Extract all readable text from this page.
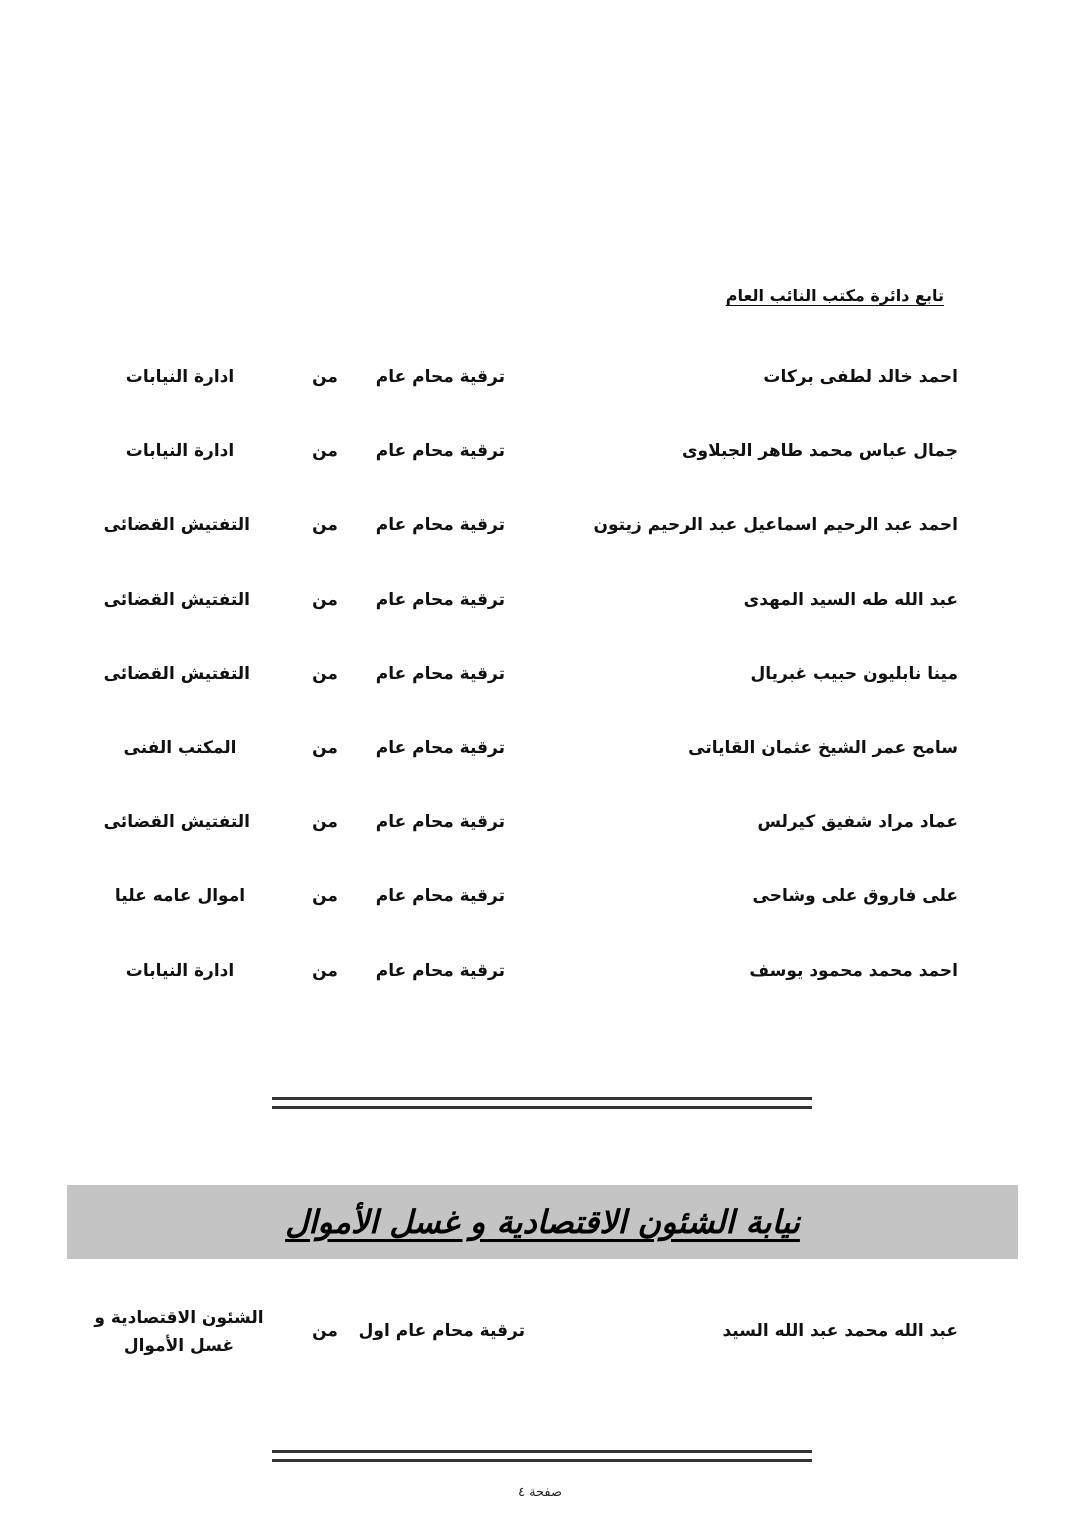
تابع دائرة مكتب النائب العام
احمد خالد لطفى بركات
ترقية محام عام
من
ادارة النيابات
جمال عباس محمد طاهر الجبلاوى
ترقية محام عام
من
ادارة النيابات
احمد عبد الرحيم اسماعيل عبد الرحيم زيتون
ترقية محام عام
من
التفتيش القضائى
عبد الله طه السيد المهدى
ترقية محام عام
من
التفتيش القضائى
مينا نابليون حبيب غبريال
ترقية محام عام
من
التفتيش القضائى
سامح عمر الشيخ عثمان القاياتى
ترقية محام عام
من
المكتب الفنى
عماد مراد شفيق كيرلس
ترقية محام عام
من
التفتيش القضائى
على فاروق على وشاحى
ترقية محام عام
من
اموال عامه عليا
احمد محمد محمود يوسف
ترقية محام عام
من
ادارة النيابات
نيابة الشئون الاقتصادية و غسل الأموال
عبد الله محمد عبد الله السيد
ترقية محام عام اول
من
الشئون الاقتصادية و غسل الأموال
صفحة ٤
